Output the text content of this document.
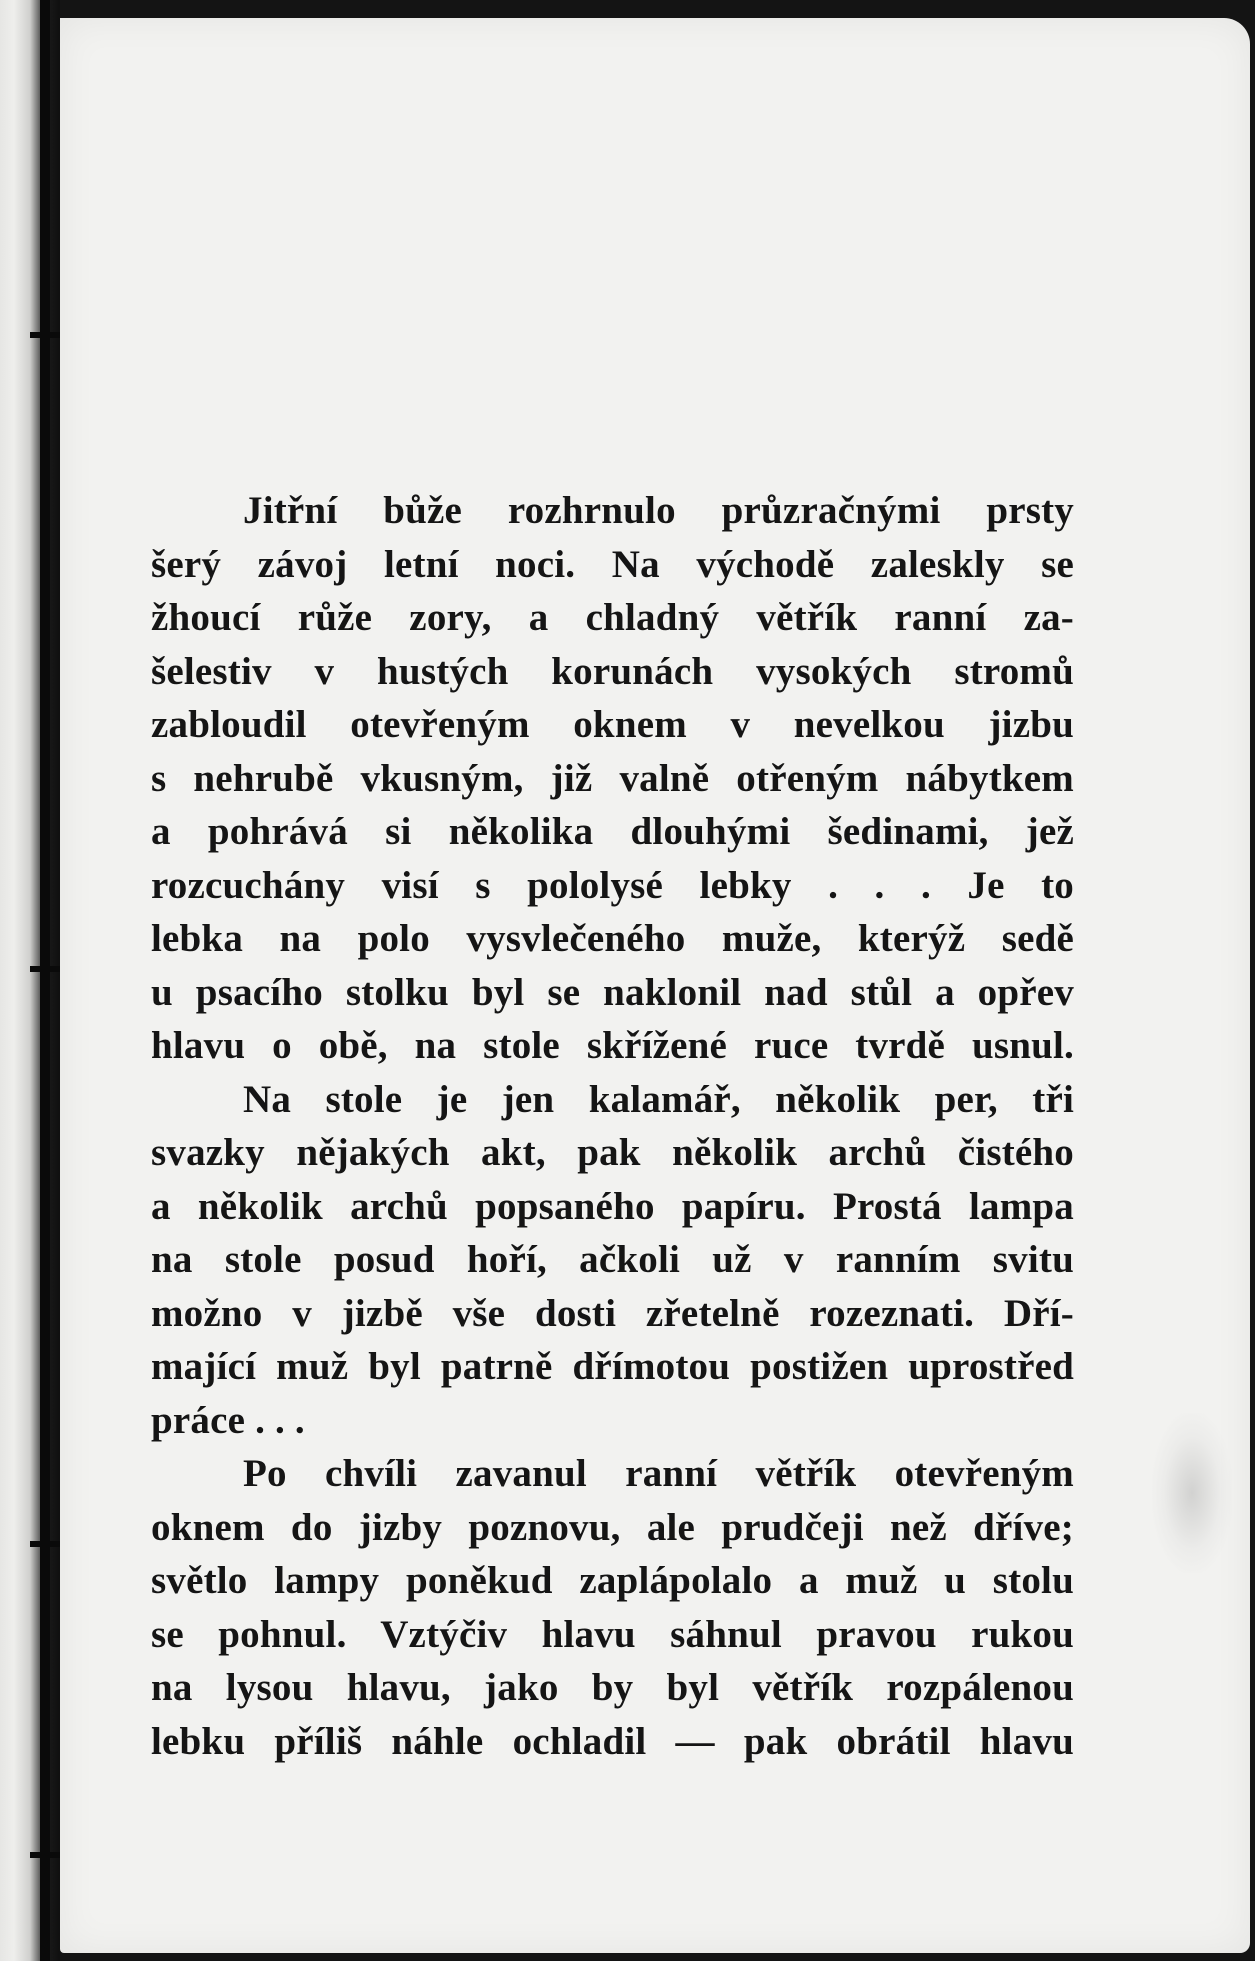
Jitřní bůže rozhrnulo průzračnými prsty
šerý závoj letní noci. Na východě zaleskly se
žhoucí růže zory, a chladný větřík ranní za-
šelestiv v hustých korunách vysokých stromů
zabloudil otevřeným oknem v nevelkou jizbu
s nehrubě vkusným, již valně otřeným nábytkem
a pohrává si několika dlouhými šedinami, jež
rozcuchány visí s pololysé lebky . . . Je to
lebka na polo vysvlečeného muže, kterýž sedě
u psacího stolku byl se naklonil nad stůl a opřev
hlavu o obě, na stole skřížené ruce tvrdě usnul.
Na stole je jen kalamář, několik per, tři
svazky nějakých akt, pak několik archů čistého
a několik archů popsaného papíru. Prostá lampa
na stole posud hoří, ačkoli už v ranním svitu
možno v jizbě vše dosti zřetelně rozeznati. Dří-
mající muž byl patrně dřímotou postižen uprostřed
práce . . .
Po chvíli zavanul ranní větřík otevřeným
oknem do jizby poznovu, ale prudčeji než dříve;
světlo lampy poněkud zaplápolalo a muž u stolu
se pohnul. Vztýčiv hlavu sáhnul pravou rukou
na lysou hlavu, jako by byl větřík rozpálenou
lebku příliš náhle ochladil — pak obrátil hlavu
